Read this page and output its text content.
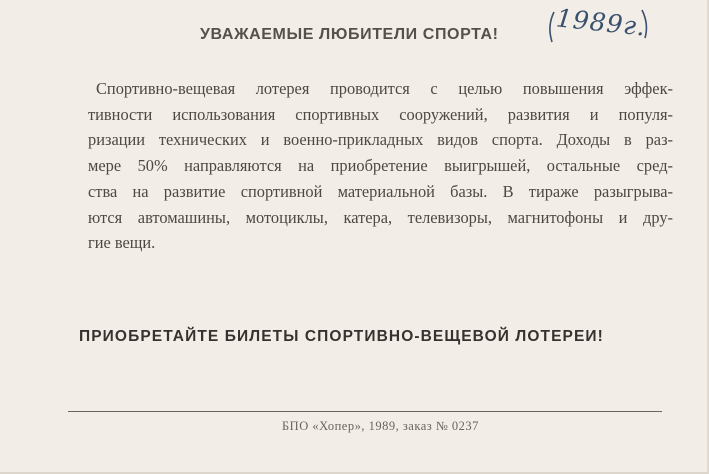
УВАЖАЕМЫЕ ЛЮБИТЕЛИ СПОРТА!	1989г.
Спортивно-вещевая лотерея проводится с целью повышения эффек-
тивности использования спортивных сооружений, развития и популя-
ризации технических и военно-прикладных видов спорта. Доходы в раз-
мере 50% направляются на приобретение выигрышей, остальные сред-
ства на развитие спортивной материальной базы. В тираже разыгрыва-
ются автомашины, мотоциклы, катера, телевизоры, магнитофоны и дру-
гие вещи.
ПРИОБРЕТАЙТЕ БИЛЕТЫ СПОРТИВНО-ВЕЩЕВОЙ ЛОТЕРЕИ!
БПО «Хопер», 1989, заказ № 0237
